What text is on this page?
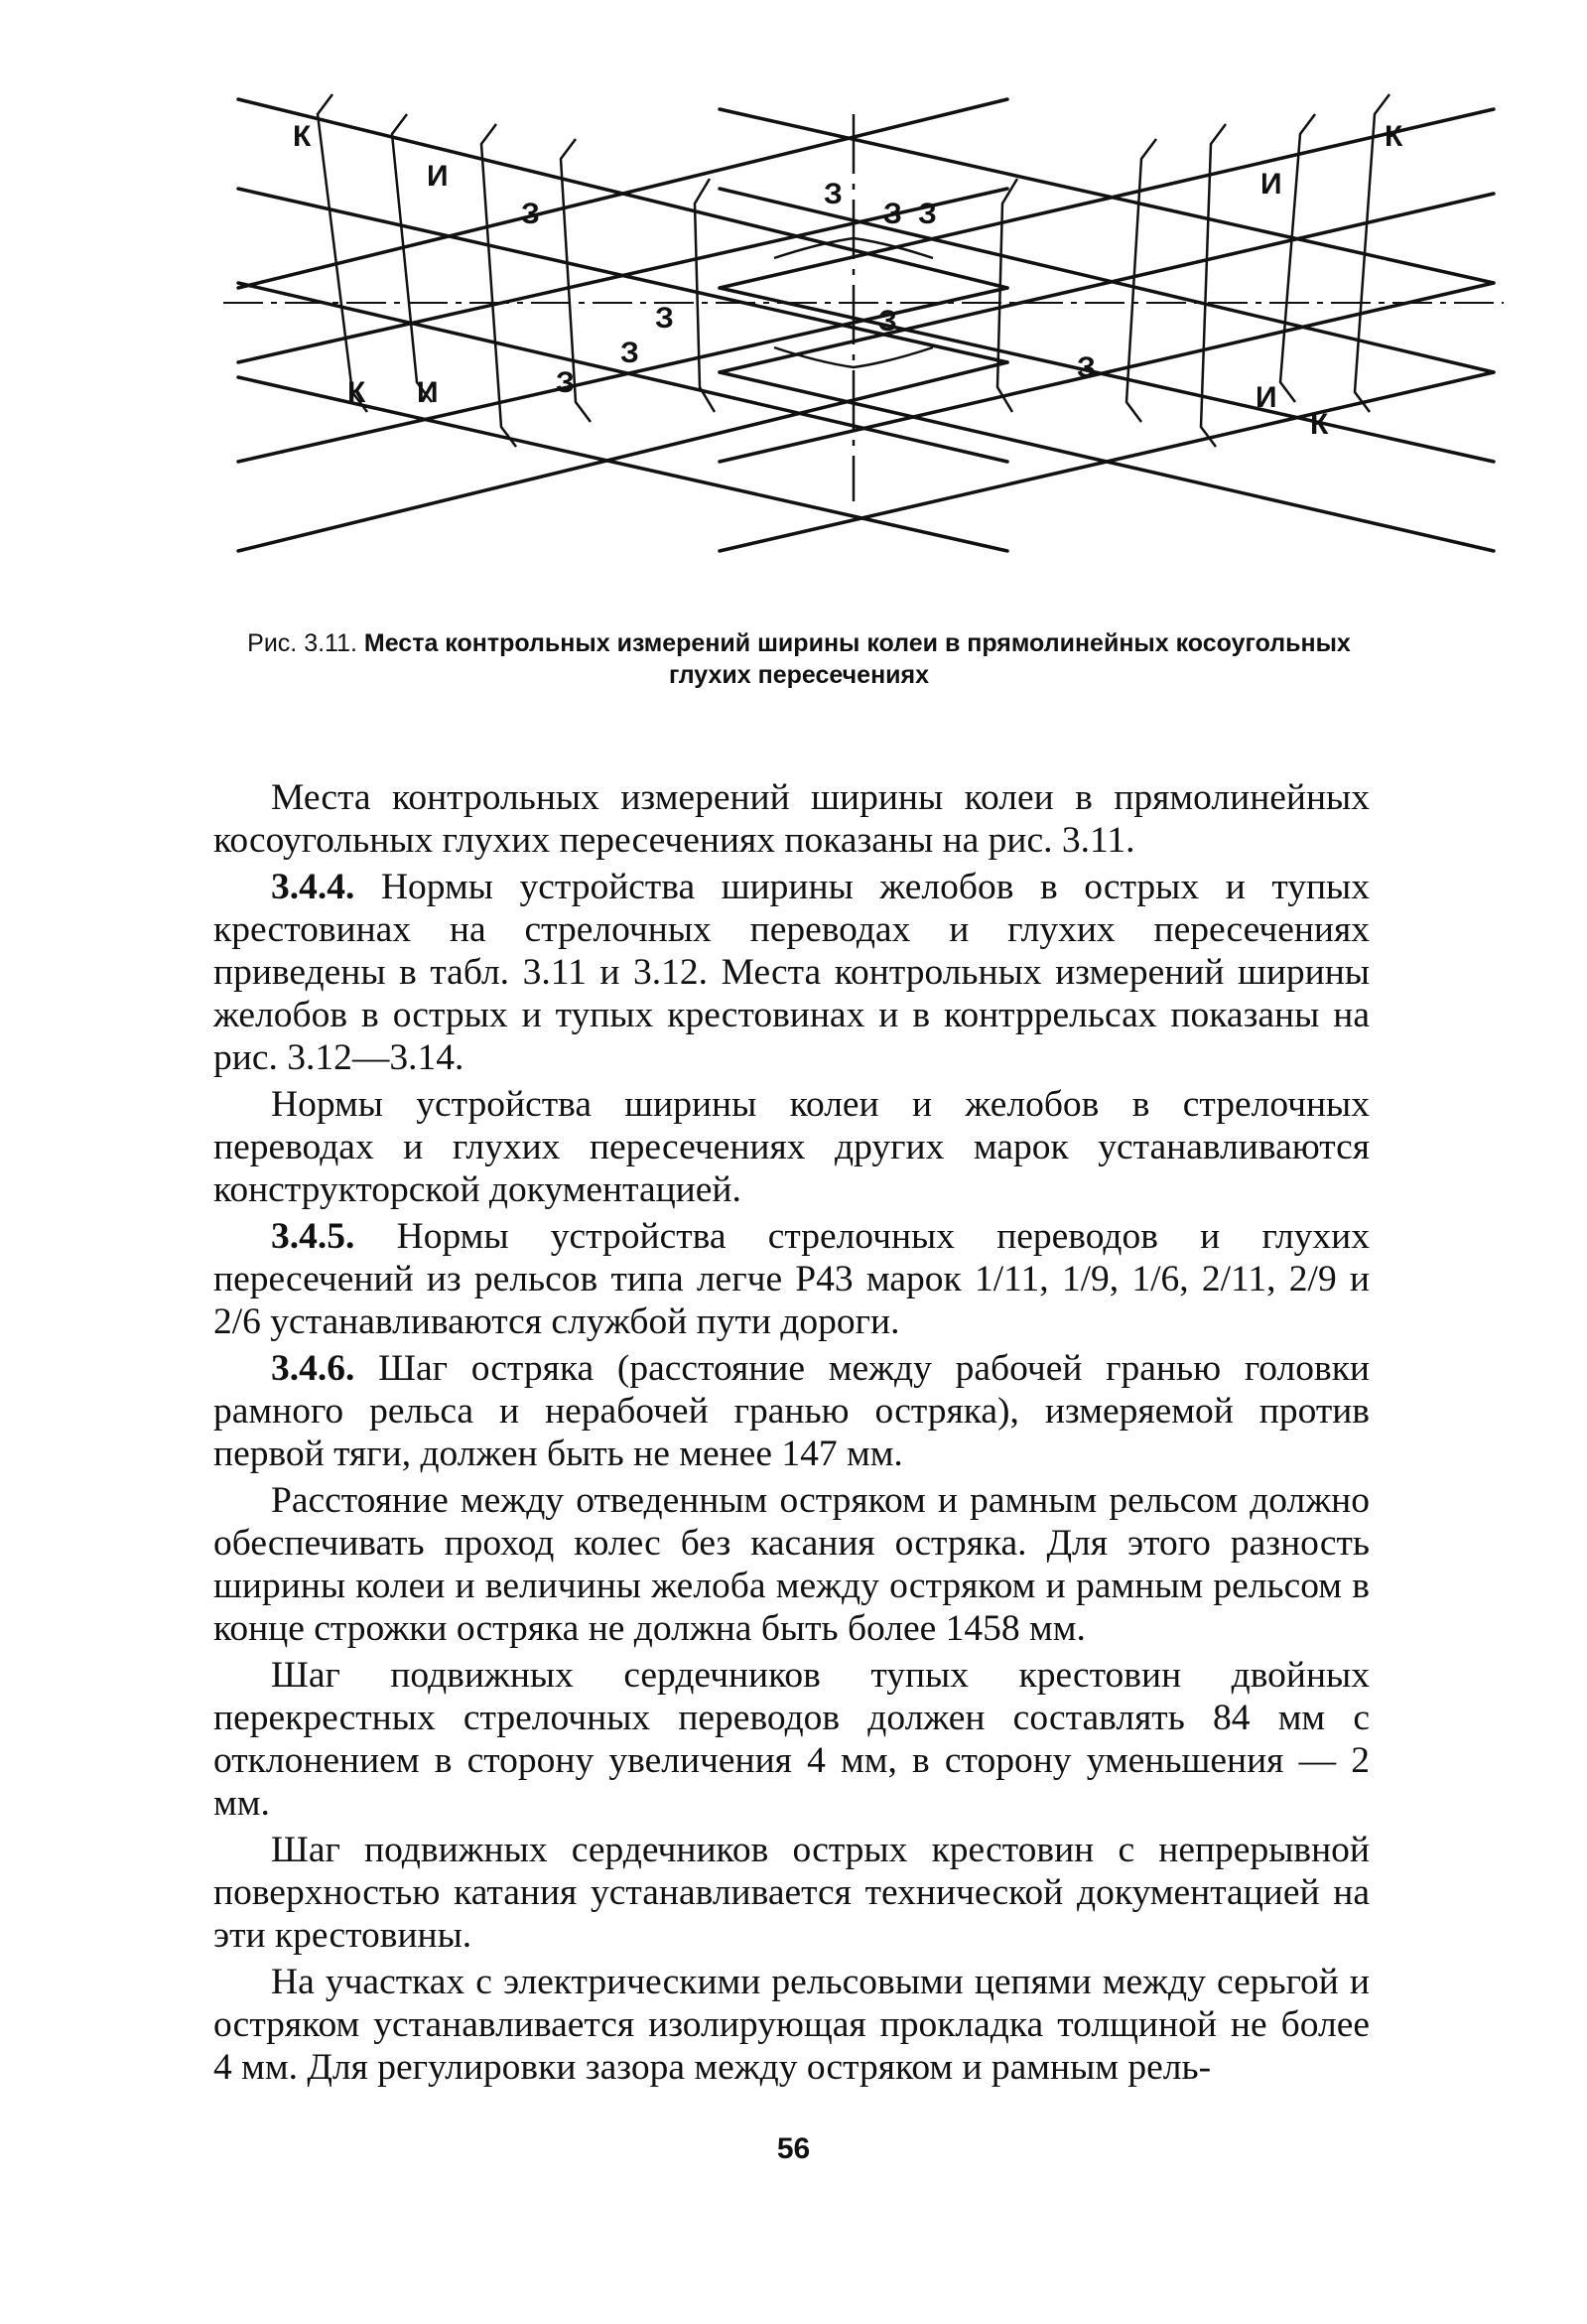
К
И
З
З
З З
И
К
З	З
К И	З
З	З
И
К
Рис. 3.11. Места контрольных измерений ширины колеи в прямолинейных косоугольных глухих пересечениях

Места контрольных измерений ширины колеи в прямолинейных косоугольных глухих пересечениях показаны на рис. 3.11.

3.4.4. Нормы устройства ширины желобов в острых и тупых крестовинах на стрелочных переводах и глухих пересечениях приведены в табл. 3.11 и 3.12. Места контрольных измерений ширины желобов в острых и тупых крестовинах и в контррельсах показаны на рис. 3.12—3.14.

Нормы устройства ширины колеи и желобов в стрелочных переводах и глухих пересечениях других марок устанавливаются конструкторской документацией.

3.4.5. Нормы устройства стрелочных переводов и глухих пересечений из рельсов типа легче Р43 марок 1/11, 1/9, 1/6, 2/11, 2/9 и 2/6 устанавливаются службой пути дороги.

3.4.6. Шаг остряка (расстояние между рабочей гранью головки рамного рельса и нерабочей гранью остряка), измеряемой против первой тяги, должен быть не менее 147 мм.

Расстояние между отведенным остряком и рамным рельсом должно обеспечивать проход колес без касания остряка. Для этого разность ширины колеи и величины желоба между остряком и рамным рельсом в конце строжки остряка не должна быть более 1458 мм.

Шаг подвижных сердечников тупых крестовин двойных перекрестных стрелочных переводов должен составлять 84 мм с отклонением в сторону увеличения 4 мм, в сторону уменьшения — 2 мм.

Шаг подвижных сердечников острых крестовин с непрерывной поверхностью катания устанавливается технической документацией на эти крестовины.

На участках с электрическими рельсовыми цепями между серьгой и остряком устанавливается изолирующая прокладка толщиной не более 4 мм. Для регулировки зазора между остряком и рамным рель-

56
